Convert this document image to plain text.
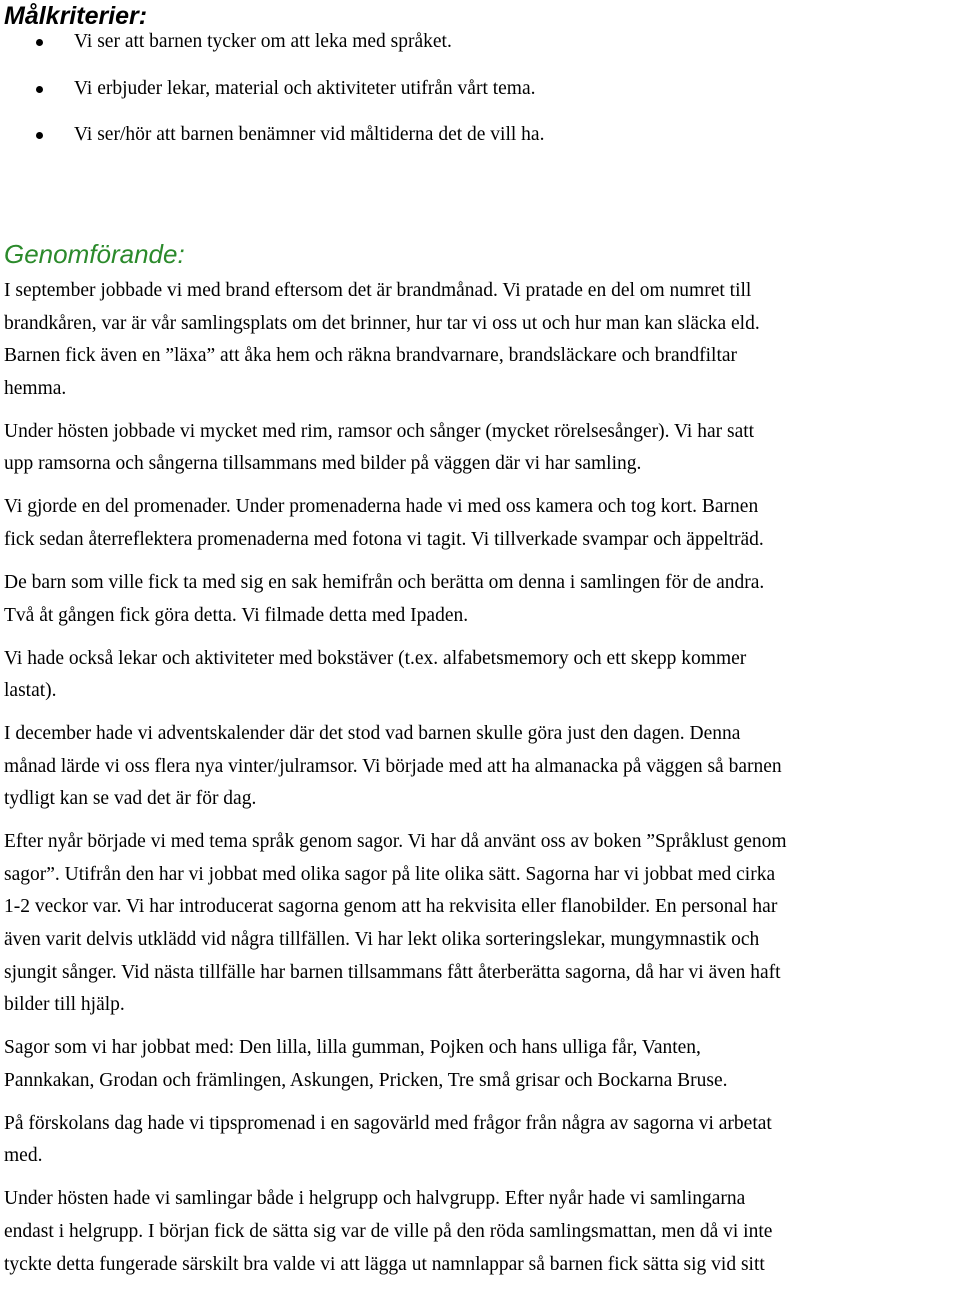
Målkriterier:
Vi ser att barnen tycker om att leka med språket.
Vi erbjuder lekar, material och aktiviteter utifrån vårt tema.
Vi ser/hör att barnen benämner vid måltiderna det de vill ha.
Genomförande:

I september jobbade vi med brand eftersom det är brandmånad. Vi pratade en del om numret till
brandkåren, var är vår samlingsplats om det brinner, hur tar vi oss ut och hur man kan släcka eld.
Barnen fick även en ”läxa” att åka hem och räkna brandvarnare, brandsläckare och brandfiltar
hemma.

Under hösten jobbade vi mycket med rim, ramsor och sånger (mycket rörelsesånger). Vi har satt
upp ramsorna och sångerna tillsammans med bilder på väggen där vi har samling.

Vi gjorde en del promenader. Under promenaderna hade vi med oss kamera och tog kort. Barnen
fick sedan återreflektera promenaderna med fotona vi tagit. Vi tillverkade svampar och äppelträd.

De barn som ville fick ta med sig en sak hemifrån och berätta om denna i samlingen för de andra.
Två åt gången fick göra detta. Vi filmade detta med Ipaden.

Vi hade också lekar och aktiviteter med bokstäver (t.ex. alfabetsmemory och ett skepp kommer
lastat).

I december hade vi adventskalender där det stod vad barnen skulle göra just den dagen. Denna
månad lärde vi oss flera nya vinter/julramsor. Vi började med att ha almanacka på väggen så barnen
tydligt kan se vad det är för dag.

Efter nyår började vi med tema språk genom sagor. Vi har då använt oss av boken ”Språklust genom
sagor”. Utifrån den har vi jobbat med olika sagor på lite olika sätt. Sagorna har vi jobbat med cirka
1-2 veckor var. Vi har introducerat sagorna genom att ha rekvisita eller flanobilder. En personal har
även varit delvis utklädd vid några tillfällen. Vi har lekt olika sorteringslekar, mungymnastik och
sjungit sånger. Vid nästa tillfälle har barnen tillsammans fått återberätta sagorna, då har vi även haft
bilder till hjälp.

Sagor som vi har jobbat med: Den lilla, lilla gumman, Pojken och hans ulliga får, Vanten,
Pannkakan, Grodan och främlingen, Askungen, Pricken, Tre små grisar och Bockarna Bruse.

På förskolans dag hade vi tipspromenad i en sagovärld med frågor från några av sagorna vi arbetat
med.

Under hösten hade vi samlingar både i helgrupp och halvgrupp. Efter nyår hade vi samlingarna
endast i helgrupp. I början fick de sätta sig var de ville på den röda samlingsmattan, men då vi inte
tyckte detta fungerade särskilt bra valde vi att lägga ut namnlappar så barnen fick sätta sig vid sitt
